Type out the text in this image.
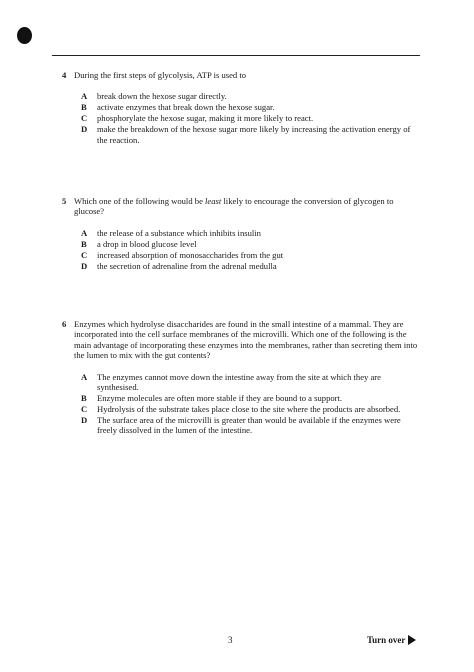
4 During the first steps of glycolysis, ATP is used to
A break down the hexose sugar directly.
B activate enzymes that break down the hexose sugar.
C phosphorylate the hexose sugar, making it more likely to react.
D make the breakdown of the hexose sugar more likely by increasing the activation energy of the reaction.
5 Which one of the following would be least likely to encourage the conversion of glycogen to glucose?
A the release of a substance which inhibits insulin
B a drop in blood glucose level
C increased absorption of monosaccharides from the gut
D the secretion of adrenaline from the adrenal medulla
6 Enzymes which hydrolyse disaccharides are found in the small intestine of a mammal. They are incorporated into the cell surface membranes of the microvilli. Which one of the following is the main advantage of incorporating these enzymes into the membranes, rather than secreting them into the lumen to mix with the gut contents?
A The enzymes cannot move down the intestine away from the site at which they are synthesised.
B Enzyme molecules are often more stable if they are bound to a support.
C Hydrolysis of the substrate takes place close to the site where the products are absorbed.
D The surface area of the microvilli is greater than would be available if the enzymes were freely dissolved in the lumen of the intestine.
3	Turn over
